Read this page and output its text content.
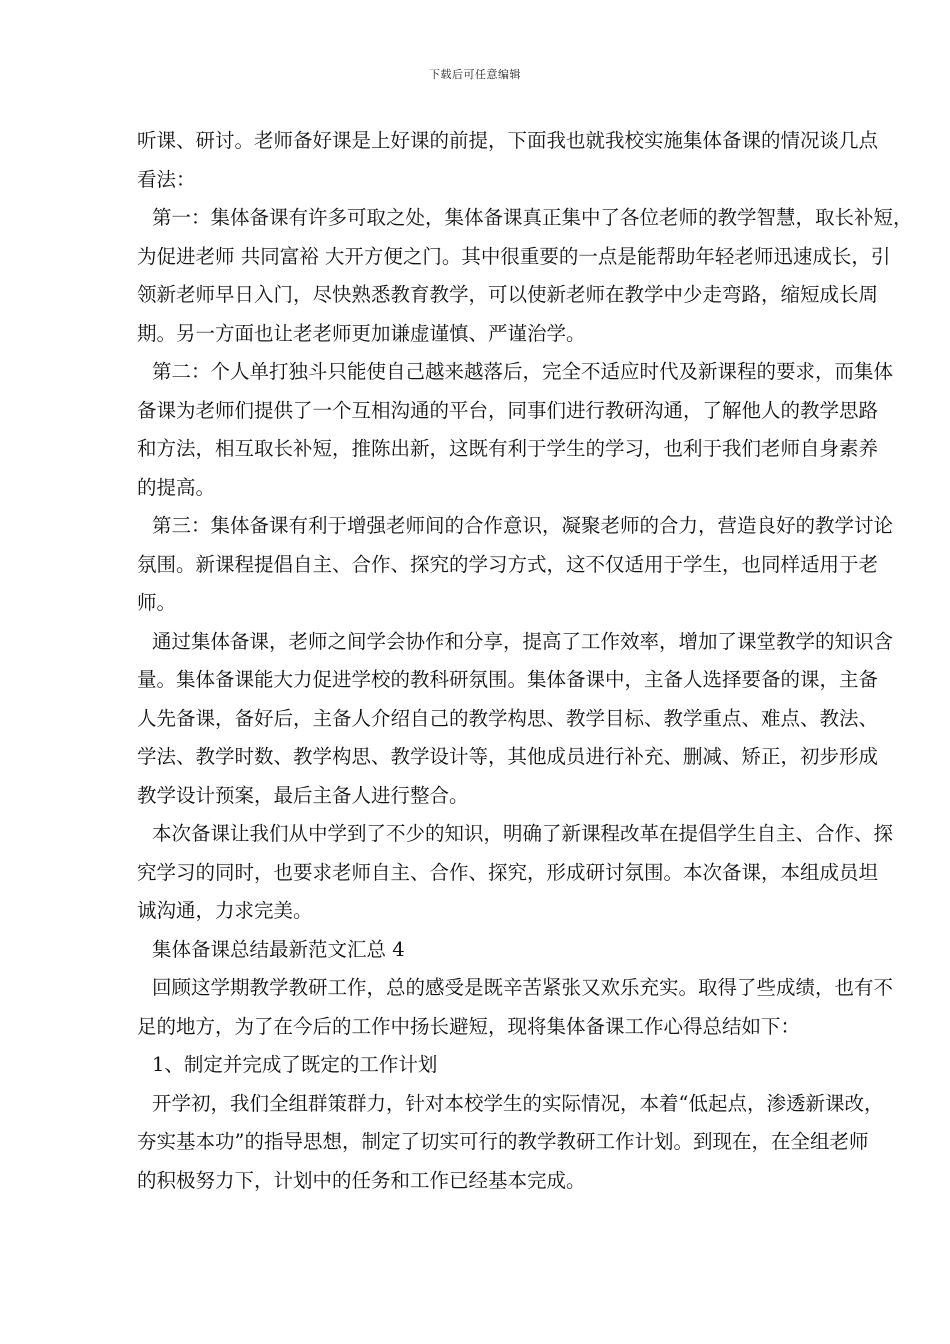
下载后可任意编辑
听课、研讨。老师备好课是上好课的前提，下面我也就我校实施集体备课的情况谈几点
看法：
第一：集体备课有许多可取之处，集体备课真正集中了各位老师的教学智慧，取长补短，
为促进老师 共同富裕 大开方便之门。其中很重要的一点是能帮助年轻老师迅速成长，引
领新老师早日入门，尽快熟悉教育教学，可以使新老师在教学中少走弯路，缩短成长周
期。另一方面也让老老师更加谦虚谨慎、严谨治学。
第二：个人单打独斗只能使自己越来越落后，完全不适应时代及新课程的要求，而集体
备课为老师们提供了一个互相沟通的平台，同事们进行教研沟通，了解他人的教学思路
和方法，相互取长补短，推陈出新，这既有利于学生的学习，也利于我们老师自身素养
的提高。
第三：集体备课有利于增强老师间的合作意识，凝聚老师的合力，营造良好的教学讨论
氛围。新课程提倡自主、合作、探究的学习方式，这不仅适用于学生，也同样适用于老
师。
通过集体备课，老师之间学会协作和分享，提高了工作效率，增加了课堂教学的知识含
量。集体备课能大力促进学校的教科研氛围。集体备课中，主备人选择要备的课，主备
人先备课，备好后，主备人介绍自己的教学构思、教学目标、教学重点、难点、教法、
学法、教学时数、教学构思、教学设计等，其他成员进行补充、删减、矫正，初步形成
教学设计预案，最后主备人进行整合。
本次备课让我们从中学到了不少的知识，明确了新课程改革在提倡学生自主、合作、探
究学习的同时，也要求老师自主、合作、探究，形成研讨氛围。本次备课，本组成员坦
诚沟通，力求完美。
集体备课总结最新范文汇总 4
回顾这学期教学教研工作，总的感受是既辛苦紧张又欢乐充实。取得了些成绩，也有不
足的地方，为了在今后的工作中扬长避短，现将集体备课工作心得总结如下：
1、制定并完成了既定的工作计划
开学初，我们全组群策群力，针对本校学生的实际情况，本着“低起点，渗透新课改，
夯实基本功”的指导思想，制定了切实可行的教学教研工作计划。到现在，在全组老师
的积极努力下，计划中的任务和工作已经基本完成。
